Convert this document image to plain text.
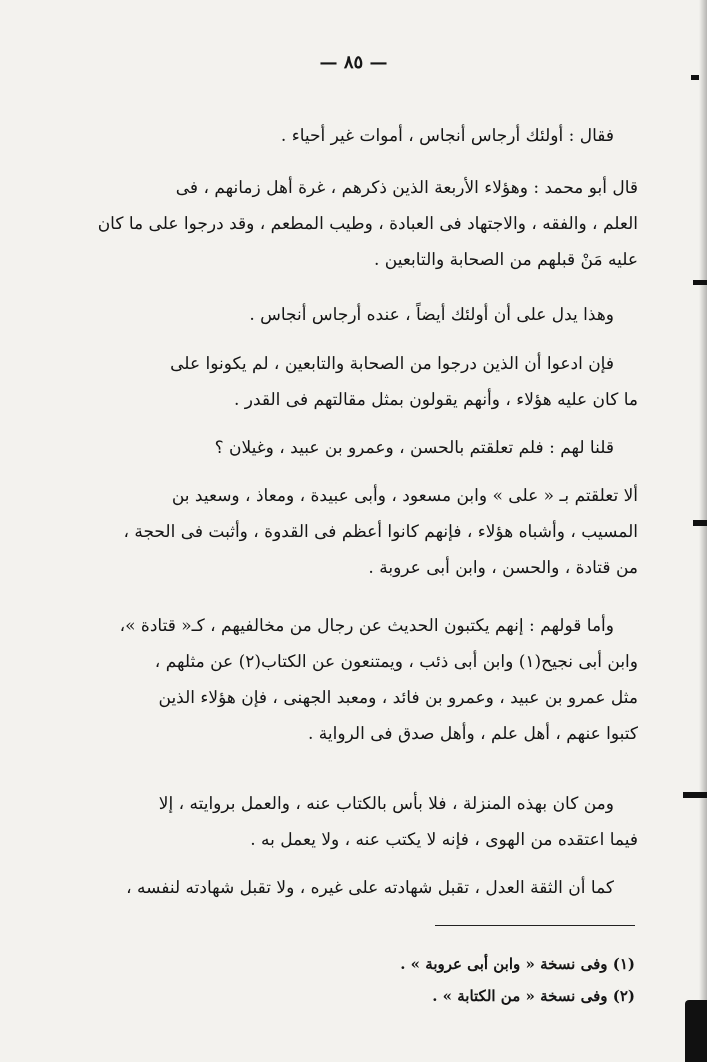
— ٨٥ —

فقال : أولئك أرجاس أنجاس ، أموات غير أحياء .

قال أبو محمد : وهؤلاء الأربعة الذين ذكرهم ، غرة أهل زمانهم ، فى

العلم ، والفقه ، والاجتهاد فى العبادة ، وطيب المطعم ، وقد درجوا على ما كان

عليه مَنْ قبلهم من الصحابة والتابعين .

وهذا يدل على أن أولئك أيضاً ، عنده أرجاس أنجاس .

فإن ادعوا أن الذين درجوا من الصحابة والتابعين ، لم يكونوا على

ما كان عليه هؤلاء ، وأنهم يقولون بمثل مقالتهم فى القدر .

قلنا لهم : فلم تعلقتم بالحسن ، وعمرو بن عبيد ، وغيلان ؟

ألا تعلقتم بـ « على » وابن مسعود ، وأبى عبيدة ، ومعاذ ، وسعيد بن

المسيب ، وأشباه هؤلاء ، فإنهم كانوا أعظم فى القدوة ، وأثبت فى الحجة ،

من قتادة ، والحسن ، وابن أبى عروبة .

وأما قولهم : إنهم يكتبون الحديث عن رجال من مخالفيهم ، كـ« قتادة »،

وابن أبى نجيح(١) وابن أبى ذئب ، ويمتنعون عن الكتاب(٢) عن مثلهم ،

مثل عمرو بن عبيد ، وعمرو بن فائد ، ومعبد الجهنى ، فإن هؤلاء الذين

كتبوا عنهم ، أهل علم ، وأهل صدق فى الرواية .

ومن كان بهذه المنزلة ، فلا بأس بالكتاب عنه ، والعمل بروايته ، إلا

فيما اعتقده من الهوى ، فإنه لا يكتب عنه ، ولا يعمل به .

كما أن الثقة العدل ، تقبل شهادته على غيره ، ولا تقبل شهادته لنفسه ،

(١) وفى نسخة « وابن أبى عروبة » .
(٢) وفى نسخة « من الكتابة » .
